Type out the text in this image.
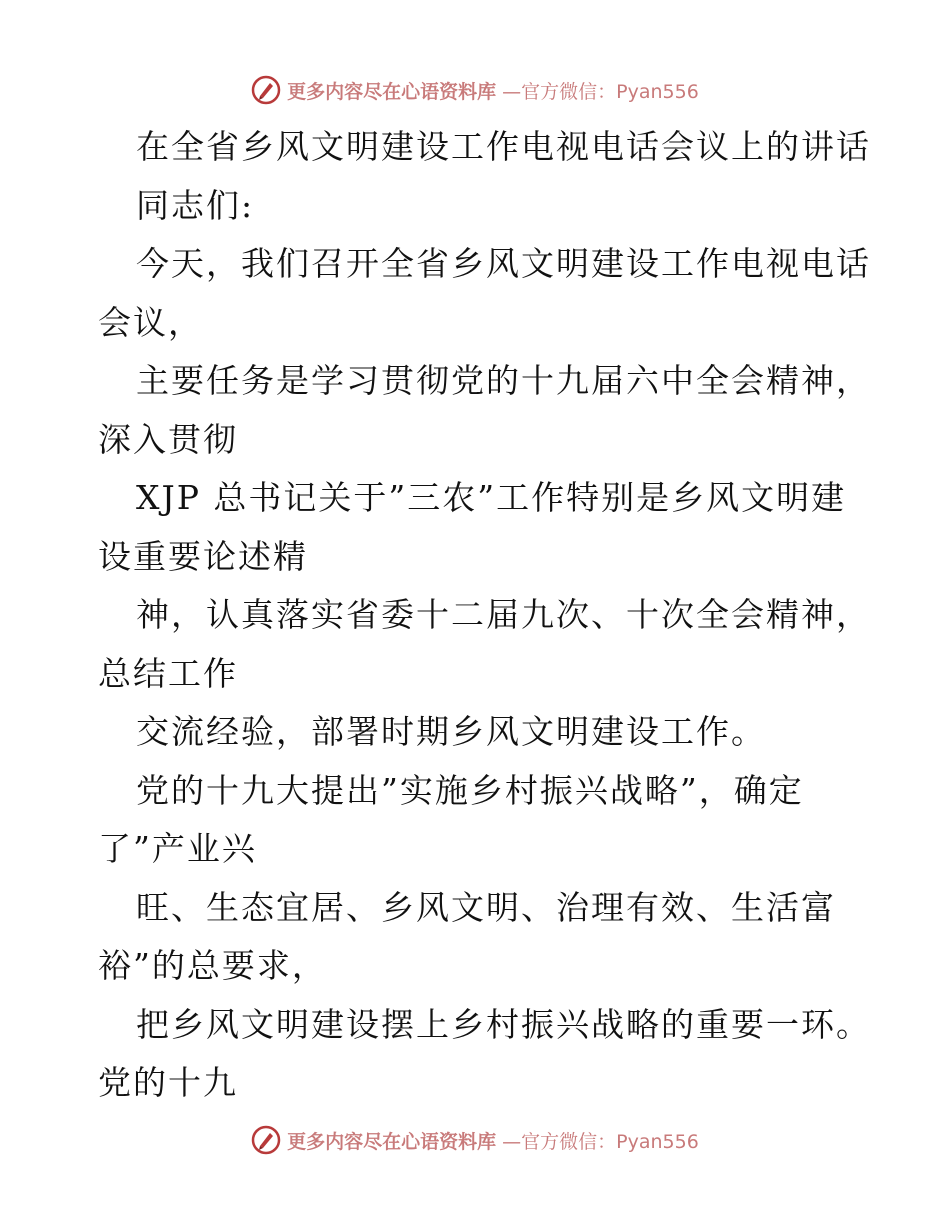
更多内容尽在心语资料库 —官方微信：Pyan556
在全省乡风文明建设工作电视电话会议上的讲话
同志们:
今天，我们召开全省乡风文明建设工作电视电话
会议，
主要任务是学习贯彻党的十九届六中全会精神，
深入贯彻
XJP 总书记关于”三农”工作特别是乡风文明建
设重要论述精
神，认真落实省委十二届九次、十次全会精神，
总结工作
交流经验，部署时期乡风文明建设工作。
党的十九大提出”实施乡村振兴战略”，确定
了”产业兴
旺、生态宜居、乡风文明、治理有效、生活富
裕”的总要求，
把乡风文明建设摆上乡村振兴战略的重要一环。
党的十九
更多内容尽在心语资料库 —官方微信：Pyan556
